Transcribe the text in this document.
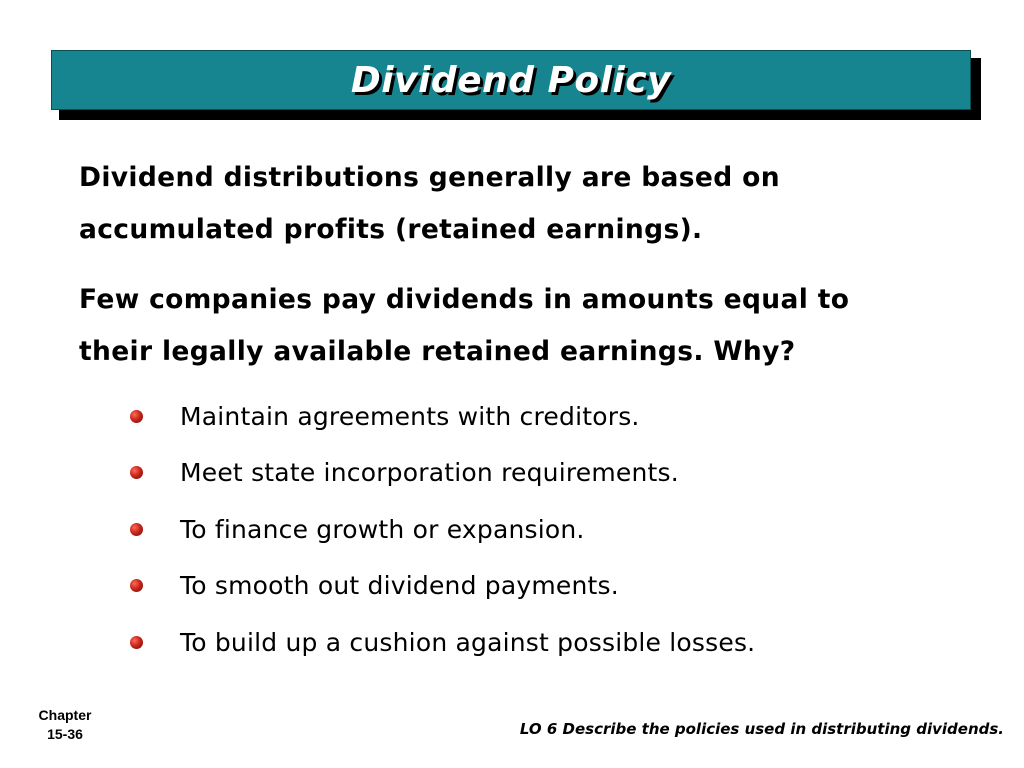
Dividend Policy
Dividend distributions generally are based on
accumulated profits (retained earnings).
Few companies pay dividends in amounts equal to
their legally available retained earnings. Why?
Maintain agreements with creditors.
Meet state incorporation requirements.
To finance growth or expansion.
To smooth out dividend payments.
To build up a cushion against possible losses.
Chapter
15-36	LO 6 Describe the policies used in distributing dividends.
